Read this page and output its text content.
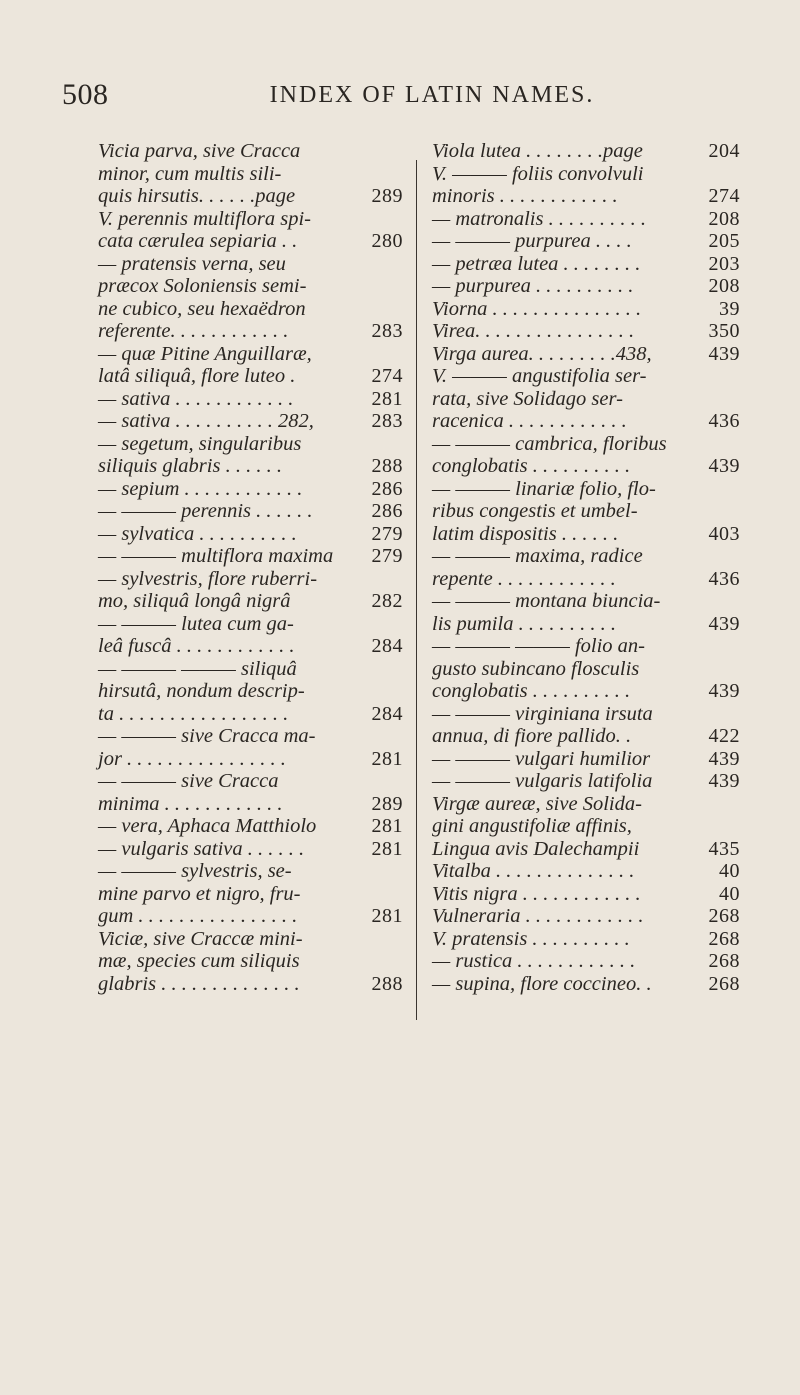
508	INDEX OF LATIN NAMES.
Vicia parva, sive Cracca
minor, cum multis sili-
quis hirsutis. . . . . .page	289
V. perennis multiflora spi-
cata cærulea sepiaria . .	280
— pratensis verna, seu
præcox Soloniensis semi-
ne cubico, seu hexaëdron
referente. . . . . . . . . . . .	283
— quæ Pitine Anguillaræ,
latâ siliquâ, flore luteo .	274
— sativa . . . . . . . . . . . .	281
— sativa . . . . . . . . . . 282,	283
— segetum, singularibus
siliquis glabris . . . . . .	288
— sepium . . . . . . . . . . . .	286
— ——— perennis . . . . . .	286
— sylvatica . . . . . . . . . .	279
— ——— multiflora maxima 279
— sylvestris, flore ruberri-
mo, siliquâ longâ nigrâ	282
— ——— lutea cum ga-
leâ fuscâ . . . . . . . . . . . .	284
— ——— ——— siliquâ
hirsutâ, nondum descrip-
ta . . . . . . . . . . . . . . . . .	284
— ——— sive Cracca ma-
jor . . . . . . . . . . . . . . . .	281
— ——— sive Cracca
minima . . . . . . . . . . . .	289
— vera, Aphaca Matthiolo	281
— vulgaris sativa . . . . . .	281
— ——— sylvestris, se-
mine parvo et nigro, fru-
gum . . . . . . . . . . . . . . . .	281
Viciæ, sive Craccæ mini-
mæ, species cum siliquis
glabris . . . . . . . . . . . . . .	288
Viola lutea . . . . . . . .page	204
V. ——— foliis convolvuli
minoris . . . . . . . . . . . .	274
— matronalis . . . . . . . . . .	208
— ——— purpurea . . . .	205
— petræa lutea . . . . . . . .	203
— purpurea . . . . . . . . . .	208
Viorna . . . . . . . . . . . . . . .	39
Virea. . . . . . . . . . . . . . . .	350
Virga aurea. . . . . . . . .438,	439
V. ——— angustifolia ser-
rata, sive Solidago ser-
racenica . . . . . . . . . . . .	436
— ——— cambrica, floribus
conglobatis . . . . . . . . . .	439
— ——— linariæ folio, flo-
ribus congestis et umbel-
latim dispositis . . . . . .	403
— ——— maxima, radice
repente . . . . . . . . . . . .	436
— ——— montana biuncia-
lis pumila . . . . . . . . . .	439
— ——— ——— folio an-
gusto subincano flosculis
conglobatis . . . . . . . . . .	439
— ——— virginiana irsuta
annua, di fiore pallido. .	422
— ——— vulgari humilior	439
— ——— vulgaris latifolia	439
Virgæ aureæ, sive Solida-
gini angustifoliæ affinis,
Lingua avis Dalechampii	435
Vitalba . . . . . . . . . . . . . .	40
Vitis nigra . . . . . . . . . . . .	40
Vulneraria . . . . . . . . . . . .	268
V. pratensis . . . . . . . . . .	268
— rustica . . . . . . . . . . . .	268
— supina, flore coccineo. .	268
